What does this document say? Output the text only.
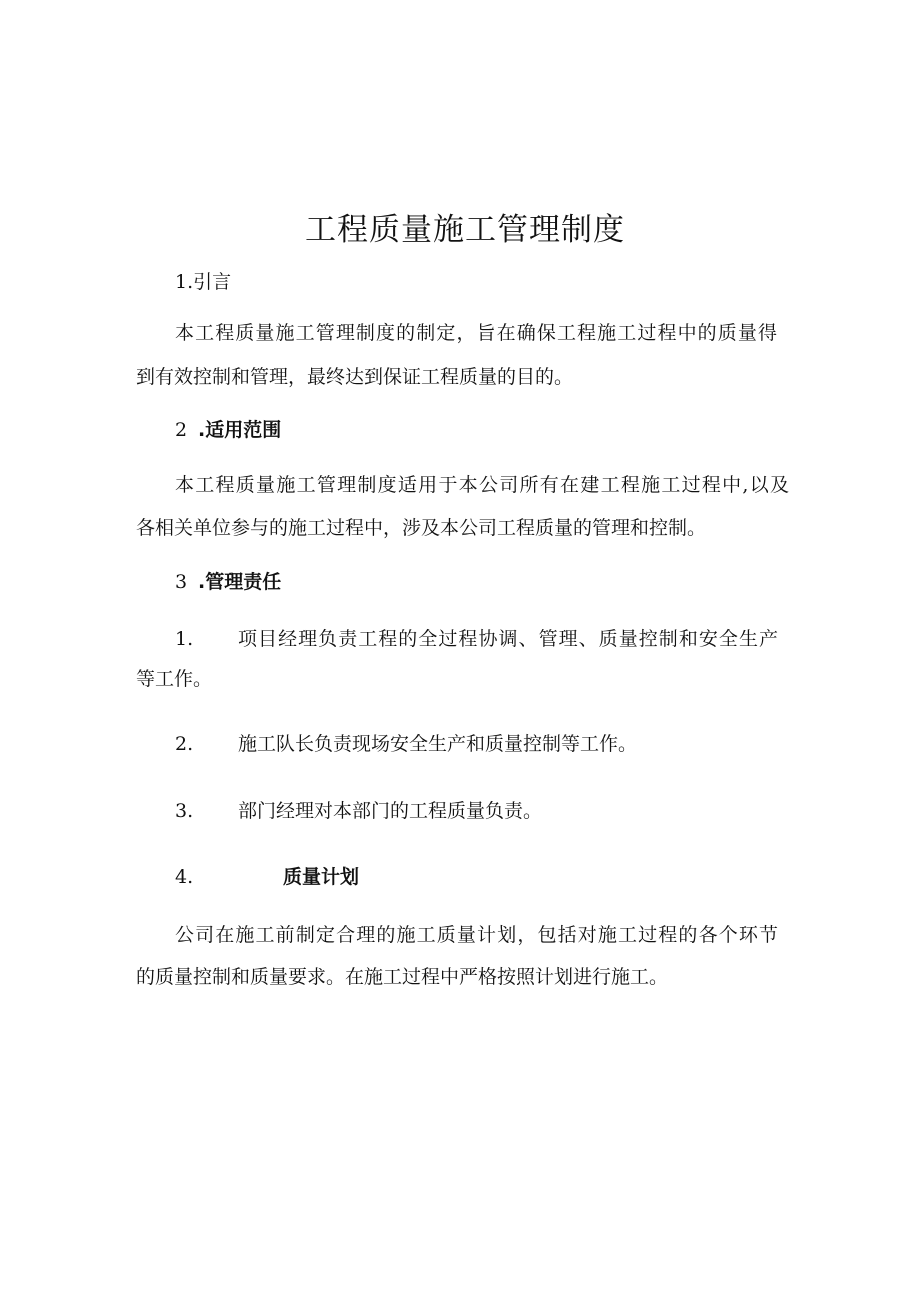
工程质量施工管理制度
1.引言
本工程质量施工管理制度的制定，旨在确保工程施工过程中的质量得
到有效控制和管理，最终达到保证工程质量的目的。
2 .适用范围
本工程质量施工管理制度适用于本公司所有在建工程施工过程中,以及
各相关单位参与的施工过程中，涉及本公司工程质量的管理和控制。
3 .管理责任
1. 项目经理负责工程的全过程协调、管理、质量控制和安全生产
等工作。
2. 施工队长负责现场安全生产和质量控制等工作。
3. 部门经理对本部门的工程质量负责。
4.	质量计划
公司在施工前制定合理的施工质量计划，包括对施工过程的各个环节
的质量控制和质量要求。在施工过程中严格按照计划进行施工。
